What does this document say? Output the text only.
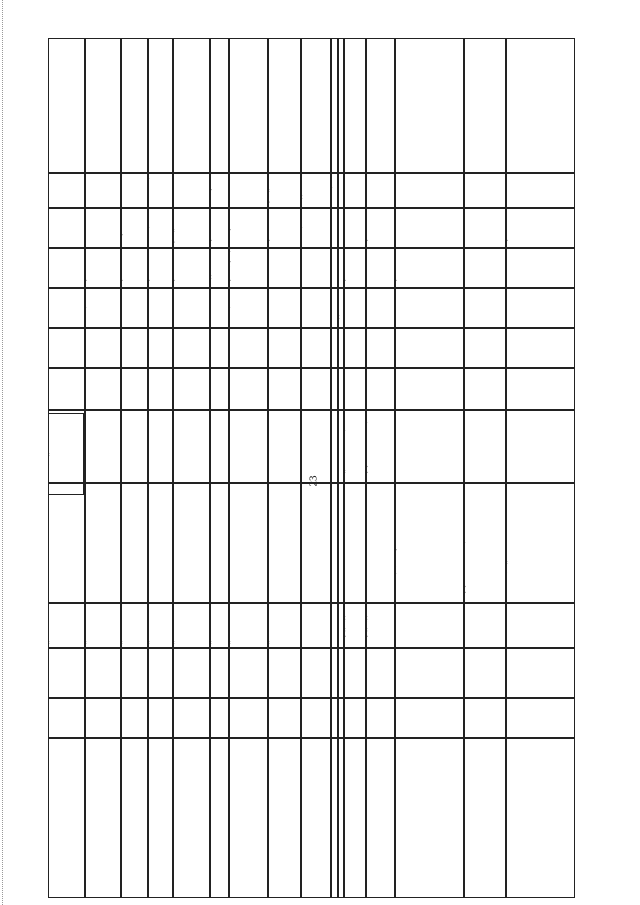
23
отопление, водоснабжение
д.
375
кровля
помещения
д. "А
376
энергохозяйство
кровля
отопление
д. 20
377
канализация
помещения
кровля
отопление
д. 20/1
378
фасад
кровля
д. 22
379
электроснабжение
кровля
водоснабжение
отопление
д.
380
электроснабжение
кровля, фасад
помещения
д.
381
фасад
кровля
отопление
д.
382
водоснабжение
помещения
383
помещения
384
водоснабжение
11
385
кровля
подвальные помещения
Народов, д. 10
386
кровля
внутренняя канализация
Народов, д. 12
387
кровля
канализация, электроснабжение
"А
388
внутренняя канализация
"Б
389
кровля
отопление, водоснабжение
"В
390
